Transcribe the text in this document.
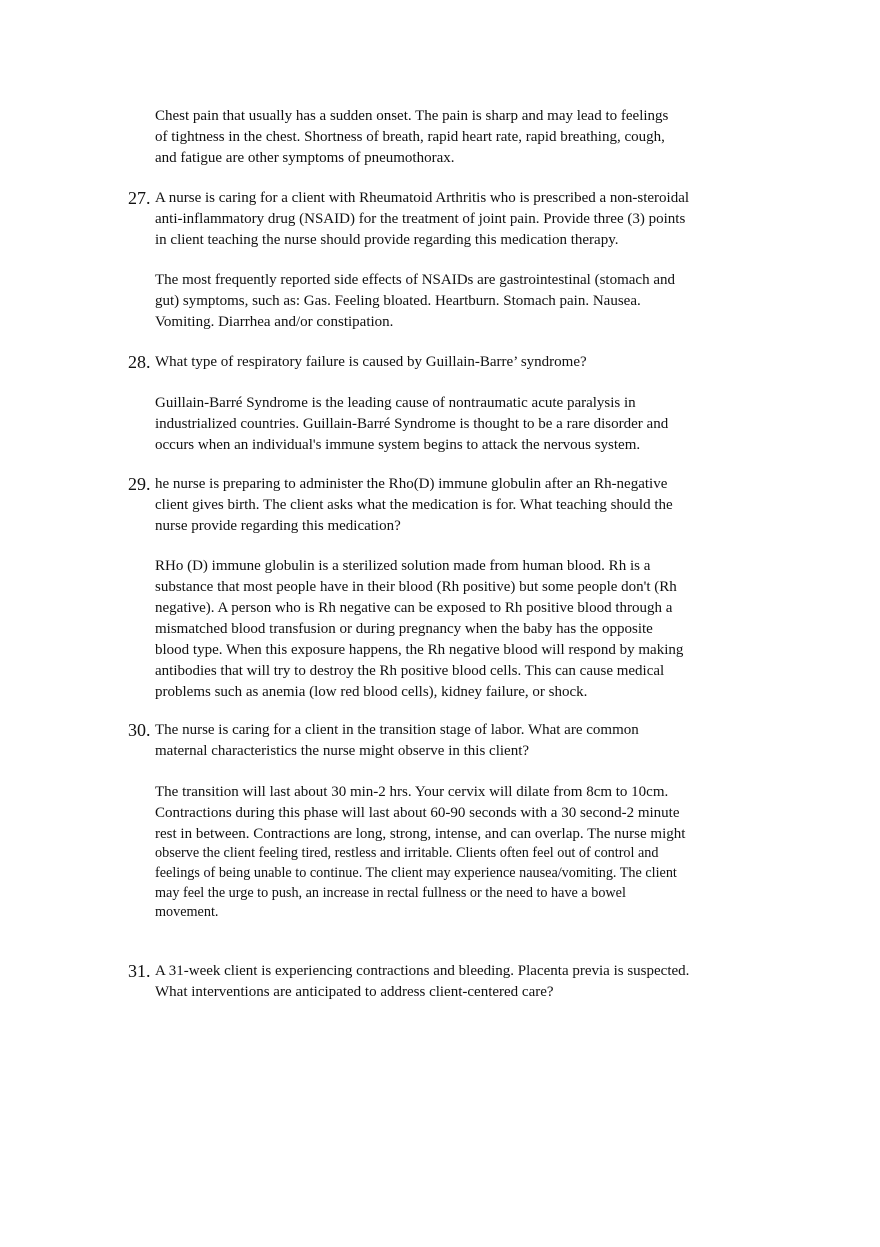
Chest pain that usually has a sudden onset. The pain is sharp and may lead to feelings
of tightness in the chest. Shortness of breath, rapid heart rate, rapid breathing, cough,
and fatigue are other symptoms of pneumothorax.

27. A nurse is caring for a client with Rheumatoid Arthritis who is prescribed a non-steroidal
anti-inflammatory drug (NSAID) for the treatment of joint pain. Provide three (3) points
in client teaching the nurse should provide regarding this medication therapy.

The most frequently reported side effects of NSAIDs are gastrointestinal (stomach and
gut) symptoms, such as: Gas. Feeling bloated. Heartburn. Stomach pain. Nausea.
Vomiting. Diarrhea and/or constipation.

28. What type of respiratory failure is caused by Guillain-Barre’ syndrome?

Guillain-Barré Syndrome is the leading cause of nontraumatic acute paralysis in
industrialized countries. Guillain-Barré Syndrome is thought to be a rare disorder and
occurs when an individual's immune system begins to attack the nervous system.

29. he nurse is preparing to administer the Rho(D) immune globulin after an Rh-negative
client gives birth. The client asks what the medication is for. What teaching should the
nurse provide regarding this medication?

RHo (D) immune globulin is a sterilized solution made from human blood. Rh is a
substance that most people have in their blood (Rh positive) but some people don't (Rh
negative). A person who is Rh negative can be exposed to Rh positive blood through a
mismatched blood transfusion or during pregnancy when the baby has the opposite
blood type. When this exposure happens, the Rh negative blood will respond by making
antibodies that will try to destroy the Rh positive blood cells. This can cause medical
problems such as anemia (low red blood cells), kidney failure, or shock.

30. The nurse is caring for a client in the transition stage of labor. What are common
maternal characteristics the nurse might observe in this client?

The transition will last about 30 min-2 hrs. Your cervix will dilate from 8cm to 10cm.
Contractions during this phase will last about 60-90 seconds with a 30 second-2 minute
rest in between. Contractions are long, strong, intense, and can overlap. The nurse might

observe the client feeling tired, restless and irritable. Clients often feel out of control and
feelings of being unable to continue. The client may experience nausea/vomiting. The client
may feel the urge to push, an increase in rectal fullness or the need to have a bowel
movement.

31. A 31-week client is experiencing contractions and bleeding. Placenta previa is suspected.
What interventions are anticipated to address client-centered care?
